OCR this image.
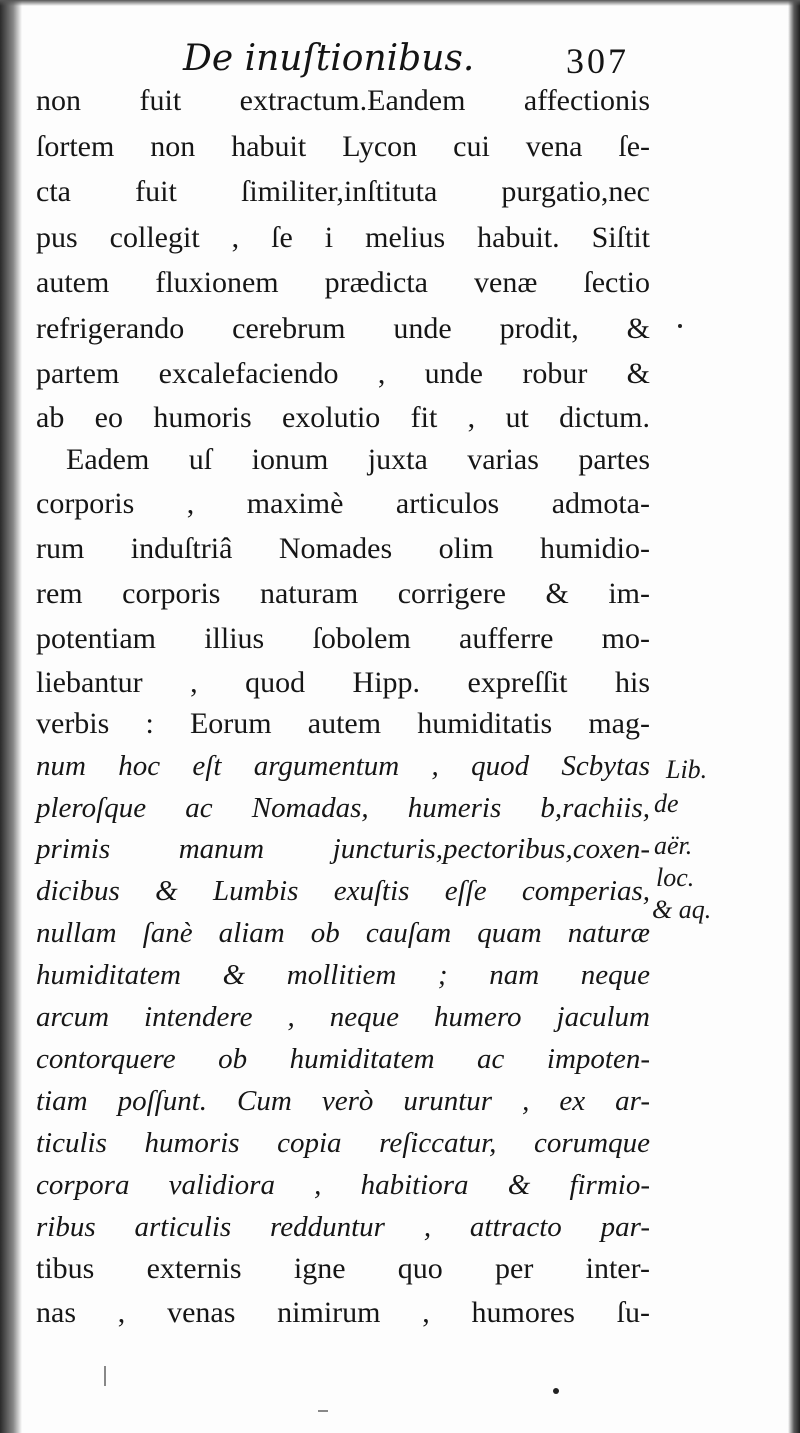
De inuſtionibus.	307
non fuit extractum.Eandem affectionis
ſortem non habuit Lycon cui vena ſe-
cta fuit ſimiliter,inſtituta purgatio,nec
pus collegit , ſe i melius habuit. Siſtit
autem fluxionem prædicta venæ ſectio
refrigerando cerebrum unde prodit, &
partem excalefaciendo , unde robur &
ab eo humoris exolutio fit , ut dictum.
Eadem uſ ionum juxta varias partes
corporis , maximè articulos admota-
rum induſtriâ Nomades olim humidio-
rem corporis naturam corrigere & im-
potentiam illius ſobolem aufferre mo-
liebantur , quod Hipp. expreſſit his
verbis : Eorum autem humiditatis mag-
num hoc eſt argumentum , quod Scbytas
pleroſque ac Nomadas, humeris b,rachiis,
primis manum juncturis,pectoribus,coxen-
dicibus & Lumbis exuſtis eſſe comperias,
nullam ſanè aliam ob cauſam quam naturæ
humiditatem & mollitiem ; nam neque
arcum intendere , neque humero jaculum
contorquere ob humiditatem ac impoten-
tiam poſſunt. Cum verò uruntur , ex ar-
ticulis humoris copia reſiccatur, corumque
corpora validiora , habitiora & firmio-
ribus articulis redduntur , attracto par-
tibus externis igne quo per inter-
nas , venas nimirum , humores ſu-
Lib.
de
aër.
loc.
& aq.
